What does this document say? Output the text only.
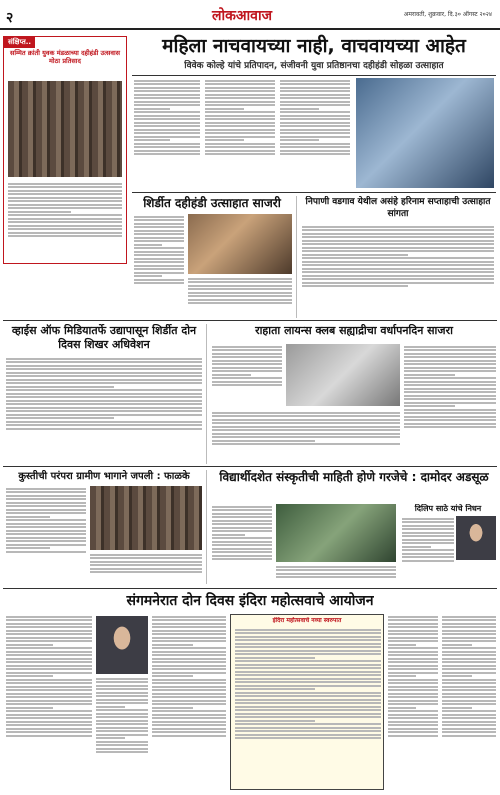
२	लोकआवाज	अमरावती, शुक्रवार, दि.३० ऑगस्ट २०२४
संक्षिप्त..
सम्मित क्रांती युवक मंडळाच्या दहीहंडी उत्सवास मोठा प्रतिसाद
महिला नाचवायच्या नाही, वाचवायच्या आहेत
विवेक कोल्हे यांचे प्रतिपादन, संजीवनी युवा प्रतिष्ठानचा दहीहंडी सोहळा उत्साहात
शिर्डीत दहीहंडी उत्साहात साजरी	निपाणी वडगाव येथील असंहे हरिनाम सप्ताहाची उत्साहात सांगता
व्हाईस ऑफ मिडियातर्फे उद्यापासून शिर्डीत दोन दिवस शिखर अधिवेशन
राहाता लायन्स क्लब सह्याद्रीचा वर्धापनदिन साजरा
कुस्तीची परंपरा ग्रामीण भागाने जपली : फाळके	विद्यार्थीदशेत संस्कृतीची माहिती होणे गरजेचे : दामोदर अडसूळ
दिलिप साठे यांचे निधन
संगमनेरात दोन दिवस इंदिरा महोत्सवाचे आयोजन
इंदिरा महोत्सवाचे नव्या स्वरुपात
